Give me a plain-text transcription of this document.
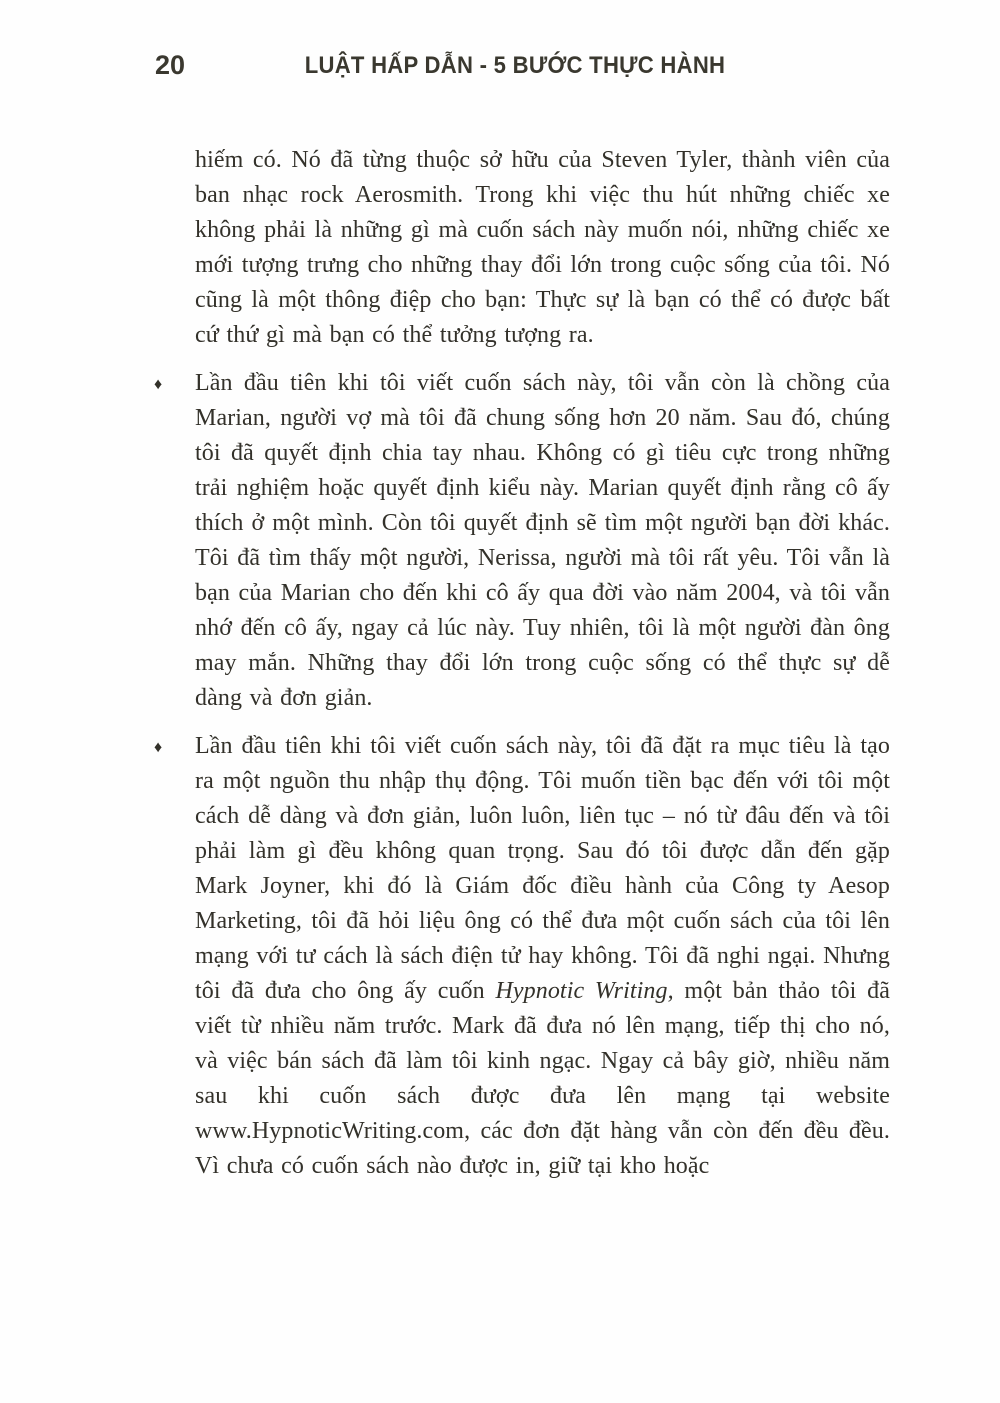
20	LUẬT HẤP DẪN - 5 BƯỚC THỰC HÀNH
hiếm có. Nó đã từng thuộc sở hữu của Steven Tyler, thành viên của ban nhạc rock Aerosmith. Trong khi việc thu hút những chiếc xe không phải là những gì mà cuốn sách này muốn nói, những chiếc xe mới tượng trưng cho những thay đổi lớn trong cuộc sống của tôi. Nó cũng là một thông điệp cho bạn: Thực sự là bạn có thể có được bất cứ thứ gì mà bạn có thể tưởng tượng ra.
♦ Lần đầu tiên khi tôi viết cuốn sách này, tôi vẫn còn là chồng của Marian, người vợ mà tôi đã chung sống hơn 20 năm. Sau đó, chúng tôi đã quyết định chia tay nhau. Không có gì tiêu cực trong những trải nghiệm hoặc quyết định kiểu này. Marian quyết định rằng cô ấy thích ở một mình. Còn tôi quyết định sẽ tìm một người bạn đời khác. Tôi đã tìm thấy một người, Nerissa, người mà tôi rất yêu. Tôi vẫn là bạn của Marian cho đến khi cô ấy qua đời vào năm 2004, và tôi vẫn nhớ đến cô ấy, ngay cả lúc này. Tuy nhiên, tôi là một người đàn ông may mắn. Những thay đổi lớn trong cuộc sống có thể thực sự dễ dàng và đơn giản.
♦ Lần đầu tiên khi tôi viết cuốn sách này, tôi đã đặt ra mục tiêu là tạo ra một nguồn thu nhập thụ động. Tôi muốn tiền bạc đến với tôi một cách dễ dàng và đơn giản, luôn luôn, liên tục – nó từ đâu đến và tôi phải làm gì đều không quan trọng. Sau đó tôi được dẫn đến gặp Mark Joyner, khi đó là Giám đốc điều hành của Công ty Aesop Marketing, tôi đã hỏi liệu ông có thể đưa một cuốn sách của tôi lên mạng với tư cách là sách điện tử hay không. Tôi đã nghi ngại. Nhưng tôi đã đưa cho ông ấy cuốn Hypnotic Writing, một bản thảo tôi đã viết từ nhiều năm trước. Mark đã đưa nó lên mạng, tiếp thị cho nó, và việc bán sách đã làm tôi kinh ngạc. Ngay cả bây giờ, nhiều năm sau khi cuốn sách được đưa lên mạng tại website www.HypnoticWriting.com, các đơn đặt hàng vẫn còn đến đều đều. Vì chưa có cuốn sách nào được in, giữ tại kho hoặc
